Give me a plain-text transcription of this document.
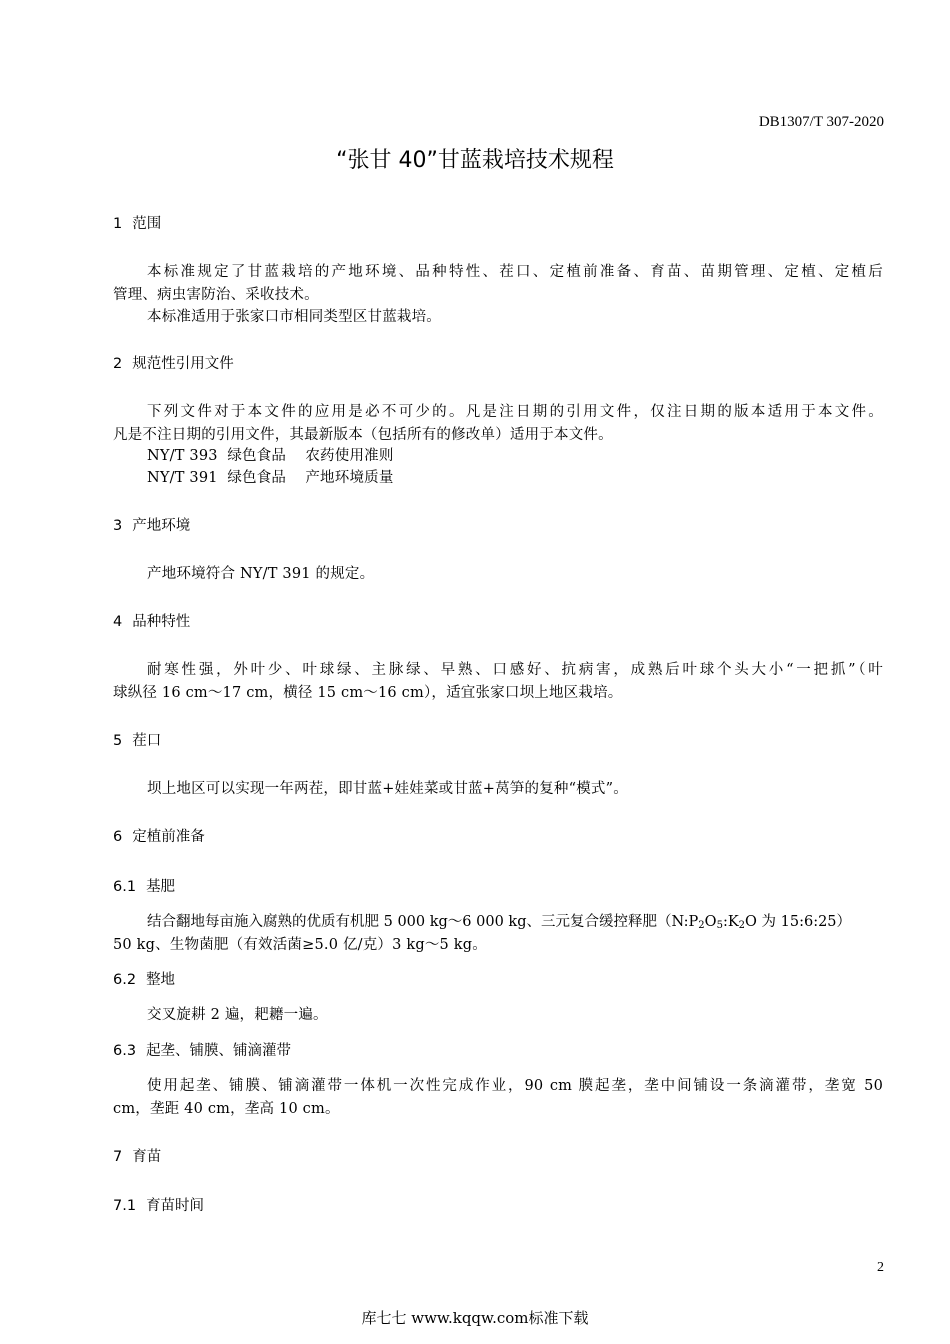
DB1307/T 307-2020
“张甘 40”甘蓝栽培技术规程
1 范围
本标准规定了甘蓝栽培的产地环境、品种特性、茬口、定植前准备、育苗、苗期管理、定植、定植后
管理、病虫害防治、采收技术。
本标准适用于张家口市相同类型区甘蓝栽培。
2 规范性引用文件
下列文件对于本文件的应用是必不可少的。凡是注日期的引用文件，仅注日期的版本适用于本文件。
凡是不注日期的引用文件，其最新版本（包括所有的修改单）适用于本文件。
NY/T 393  绿色食品    农药使用准则
NY/T 391  绿色食品    产地环境质量
3 产地环境
产地环境符合 NY/T 391 的规定。
4 品种特性
耐寒性强，外叶少、叶球绿、主脉绿、早熟、口感好、抗病害，成熟后叶球个头大小“一把抓”（叶
球纵径 16 cm～17 cm，横径 15 cm～16 cm），适宜张家口坝上地区栽培。
5 茬口
坝上地区可以实现一年两茬，即甘蓝+娃娃菜或甘蓝+莴笋的复种“模式”。
6 定植前准备
6.1 基肥
结合翻地每亩施入腐熟的优质有机肥 5 000 kg～6 000 kg、三元复合缓控释肥（$N:P_2O_5:K_2O$ 为 15:6:25）
50 kg、生物菌肥（有效活菌≥5.0 亿/克）3 kg～5 kg。
6.2 整地
交叉旋耕 2 遍，耙耱一遍。
6.3 起垄、铺膜、铺滴灌带
使用起垄、铺膜、铺滴灌带一体机一次性完成作业，90 cm 膜起垄，垄中间铺设一条滴灌带，垄宽 50
cm，垄距 40 cm，垄高 10 cm。
7 育苗
7.1 育苗时间
2
库七七 www.kqqw.com标准下载
